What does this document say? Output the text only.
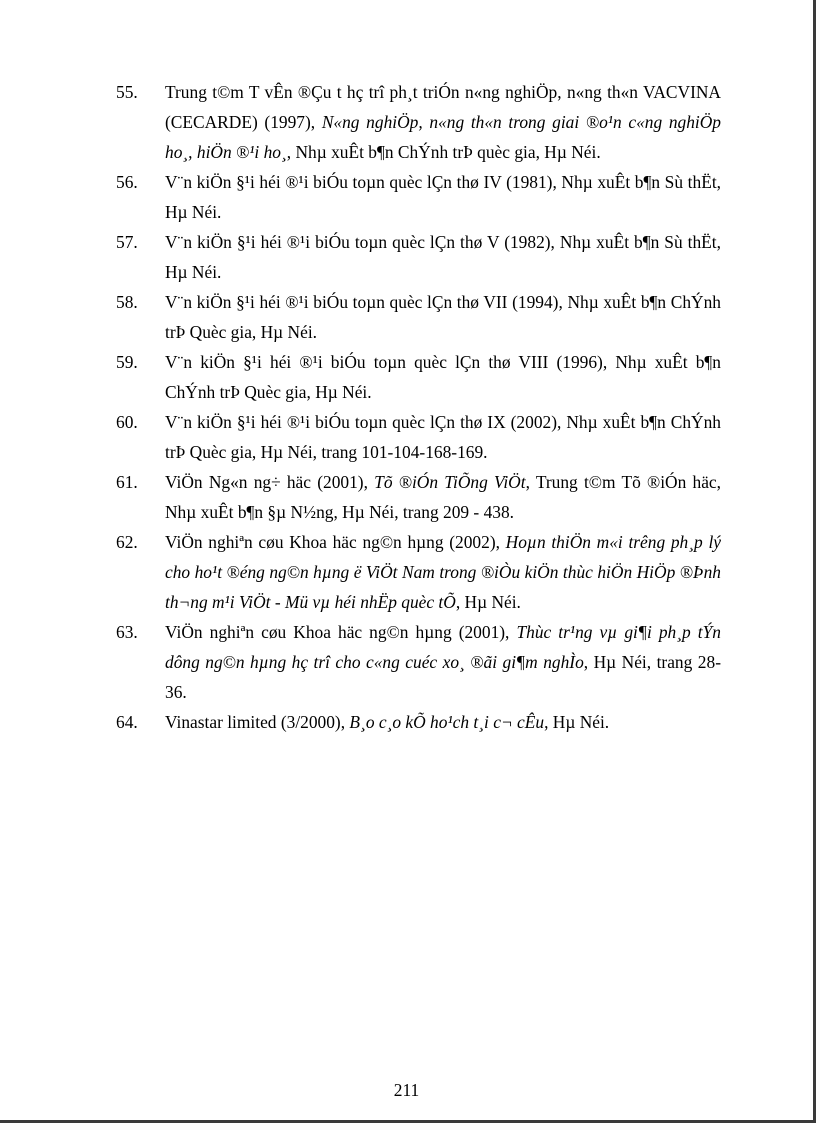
55. Trung t©m T vÊn ®Çu t hç trî ph¸t triÓn n«ng nghiÖp, n«ng th«n VACVINA (CECARDE) (1997), N«ng nghiÖp, n«ng th«n trong giai ®o¹n c«ng nghiÖp ho¸, hiÖn ®¹i ho¸, Nhµ xuÊt b¶n ChÝnh trÞ quèc gia, Hµ Néi.
56. V¨n kiÖn §¹i héi ®¹i biÓu toµn quèc lÇn thø IV (1981), Nhµ xuÊt b¶n Sù thËt, Hµ Néi.
57. V¨n kiÖn §¹i héi ®¹i biÓu toµn quèc lÇn thø V (1982), Nhµ xuÊt b¶n Sù thËt, Hµ Néi.
58. V¨n kiÖn §¹i héi ®¹i biÓu toµn quèc lÇn thø VII (1994), Nhµ xuÊt b¶n ChÝnh trÞ Quèc gia, Hµ Néi.
59. V¨n kiÖn §¹i héi ®¹i biÓu toµn quèc lÇn thø VIII (1996), Nhµ xuÊt b¶n ChÝnh trÞ Quèc gia, Hµ Néi.
60. V¨n kiÖn §¹i héi ®¹i biÓu toµn quèc lÇn thø IX (2002), Nhµ xuÊt b¶n ChÝnh trÞ Quèc gia, Hµ Néi, trang 101-104-168-169.
61. ViÖn Ng«n ng÷ häc (2001), Tõ ®iÓn TiÕng ViÖt, Trung t©m Tõ ®iÓn häc, Nhµ xuÊt b¶n §µ N½ng, Hµ Néi, trang 209 - 438.
62. ViÖn nghiªn cøu Khoa häc ng©n hµng (2002), Hoµn thiÖn m«i trêng ph¸p lý cho ho¹t ®éng ng©n hµng ë ViÖt Nam trong ®iÒu kiÖn thùc hiÖn HiÖp ®Þnh th¬ng m¹i ViÖt - Mü vµ héi nhËp quèc tÕ, Hµ Néi.
63. ViÖn nghiªn cøu Khoa häc ng©n hµng (2001), Thùc tr¹ng vµ gi¶i ph¸p tÝn dông ng©n hµng hç trî cho c«ng cuéc xo¸ ®ãi gi¶m nghÌo, Hµ Néi, trang 28-36.
64. Vinastar limited (3/2000), B¸o c¸o kÕ ho¹ch t¸i c¬ cÊu, Hµ Néi.
211
